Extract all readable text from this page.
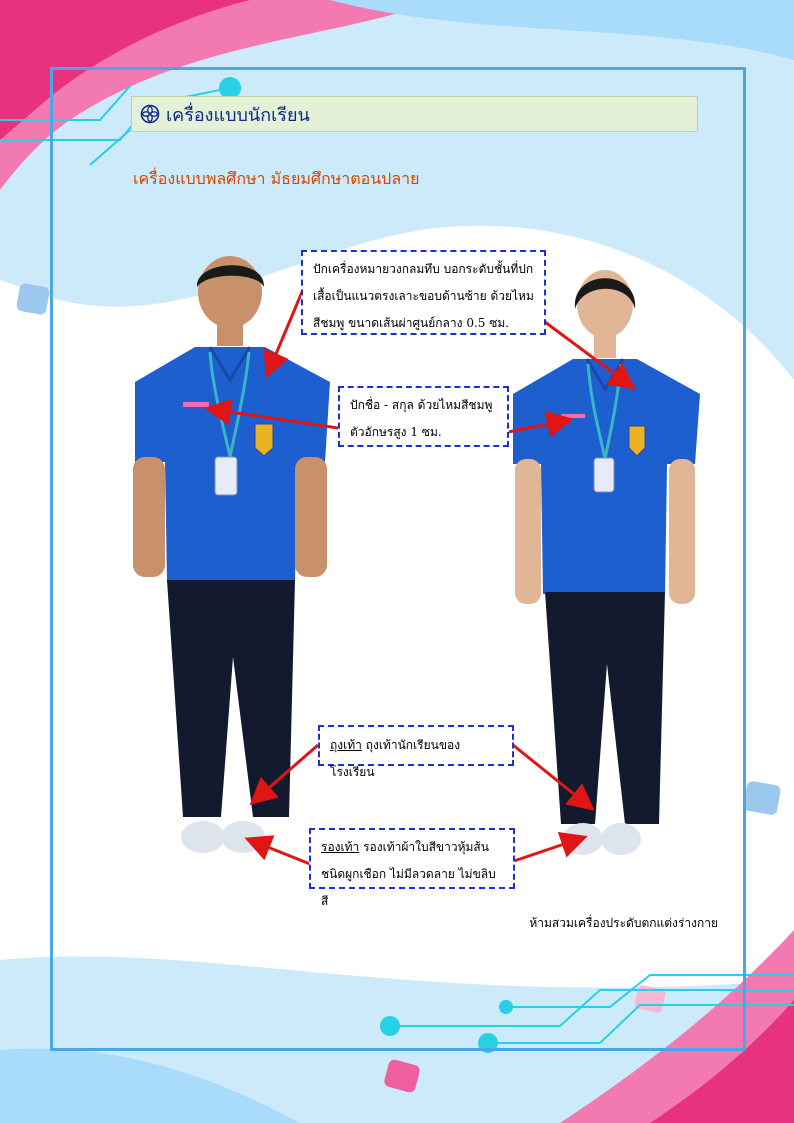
เครื่องแบบนักเรียน
เครื่องแบบพลศึกษา มัธยมศึกษาตอนปลาย
ปักเครื่องหมายวงกลมทึบ บอกระดับชั้นที่ปกเสื้อเป็นแนวตรงเลาะขอบด้านซ้าย ด้วยไหมสีชมพู ขนาดเส้นผ่าศูนย์กลาง 0.5 ซม.
ปักชื่อ - สกุล ด้วยไหมสีชมพู ตัวอักษรสูง 1 ซม.
ถุงเท้า ถุงเท้านักเรียนของโรงเรียน
รองเท้า รองเท้าผ้าใบสีขาวหุ้มส้น ชนิดผูกเชือก ไม่มีลวดลาย ไม่ขลิบสี
ห้ามสวมเครื่องประดับตกแต่งร่างกาย
